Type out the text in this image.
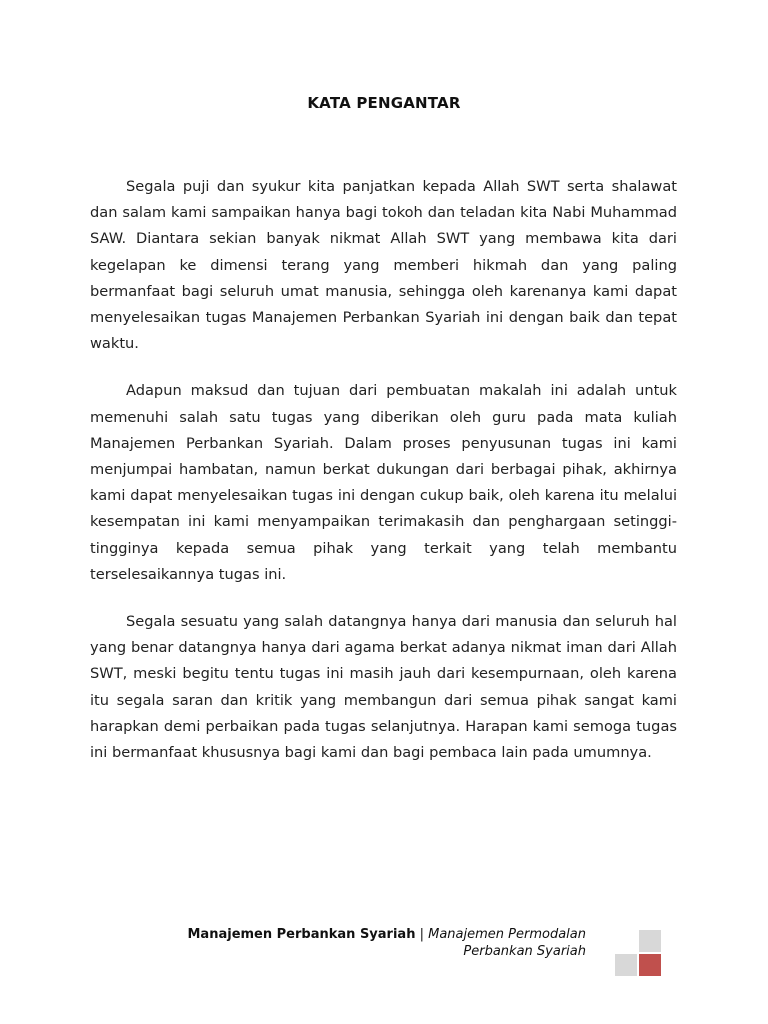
KATA PENGANTAR

Segala puji dan syukur kita panjatkan kepada Allah SWT serta shalawat dan salam kami sampaikan hanya bagi tokoh dan teladan kita Nabi Muhammad SAW. Diantara sekian banyak nikmat Allah SWT yang membawa kita dari kegelapan ke dimensi terang yang memberi hikmah dan yang paling bermanfaat bagi seluruh umat manusia, sehingga oleh karenanya kami dapat menyelesaikan tugas Manajemen Perbankan Syariah ini dengan baik dan tepat waktu.

Adapun maksud dan tujuan dari pembuatan makalah ini adalah untuk memenuhi salah satu tugas yang diberikan oleh guru pada mata kuliah Manajemen Perbankan Syariah. Dalam proses penyusunan tugas ini kami menjumpai hambatan, namun berkat dukungan dari berbagai pihak, akhirnya kami dapat menyelesaikan tugas ini dengan cukup baik, oleh karena itu melalui kesempatan ini kami menyampaikan terimakasih dan penghargaan setinggi-tingginya kepada semua pihak yang terkait yang telah membantu terselesaikannya tugas ini.

Segala sesuatu yang salah datangnya hanya dari manusia dan seluruh hal yang benar datangnya hanya dari agama berkat adanya nikmat iman dari Allah SWT, meski begitu tentu tugas ini masih jauh dari kesempurnaan, oleh karena itu segala saran dan kritik yang membangun dari semua pihak sangat kami harapkan demi perbaikan pada tugas selanjutnya. Harapan kami semoga tugas ini bermanfaat khususnya bagi kami dan bagi pembaca lain pada umumnya.

Manajemen Perbankan Syariah | Manajemen Permodalan
Perbankan Syariah
